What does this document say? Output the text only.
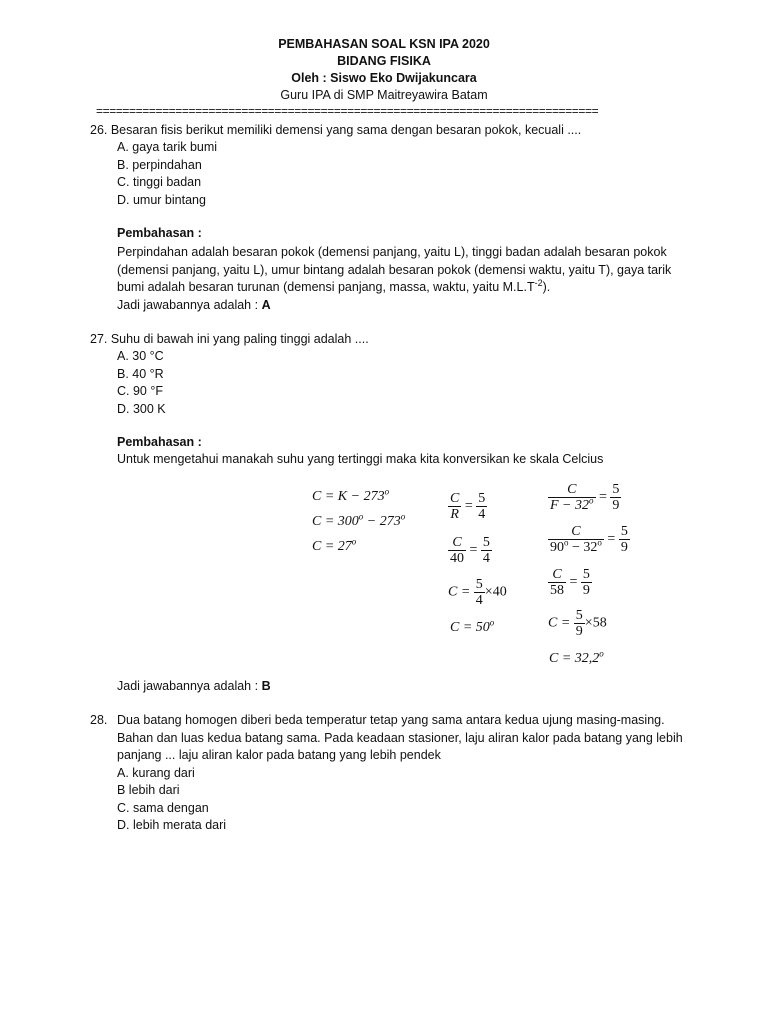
PEMBAHASAN SOAL KSN IPA 2020
BIDANG FISIKA
Oleh : Siswo Eko Dwijakuncara
Guru IPA di SMP Maitreyawira Batam
============================================================================
26. Besaran fisis berikut memiliki demensi yang sama dengan besaran pokok, kecuali ....
A. gaya tarik bumi
B. perpindahan
C. tinggi badan
D. umur bintang
Pembahasan :
Perpindahan adalah besaran pokok (demensi panjang, yaitu L), tinggi badan adalah besaran pokok
(demensi panjang, yaitu L), umur bintang adalah besaran pokok (demensi waktu, yaitu T), gaya tarik
bumi adalah besaran turunan (demensi panjang, massa, waktu, yaitu $M.L.T^{-2}$).
Jadi jawabannya adalah : A
27. Suhu di bawah ini yang paling tinggi adalah ....
A. 30 °C
B. 40 °R
C. 90 °F
D. 300 K
Pembahasan :
Untuk mengetahui manakah suhu yang tertinggi maka kita konversikan ke skala Celcius
$C = K - 273^o$
$C = 300^o - 273^o$
$C = 27^o$
$\frac{C}{R} = \frac{5}{4}$
$\frac{C}{40} = \frac{5}{4}$
$C = \frac{5}{4} \times 40$
$C = 50^o$
$\frac{C}{F - 32^o} = \frac{5}{9}$
$\frac{C}{90^o - 32^o} = \frac{5}{9}$
$\frac{C}{58} = \frac{5}{9}$
$C = \frac{5}{9} \times 58$
$C = 32,2^o$
Jadi jawabannya adalah : B
28. Dua batang homogen diberi beda temperatur tetap yang sama antara kedua ujung masing-masing.
Bahan dan luas kedua batang sama. Pada keadaan stasioner, laju aliran kalor pada batang yang lebih
panjang ... laju aliran kalor pada batang yang lebih pendek
A. kurang dari
B lebih dari
C. sama dengan
D. lebih merata dari
